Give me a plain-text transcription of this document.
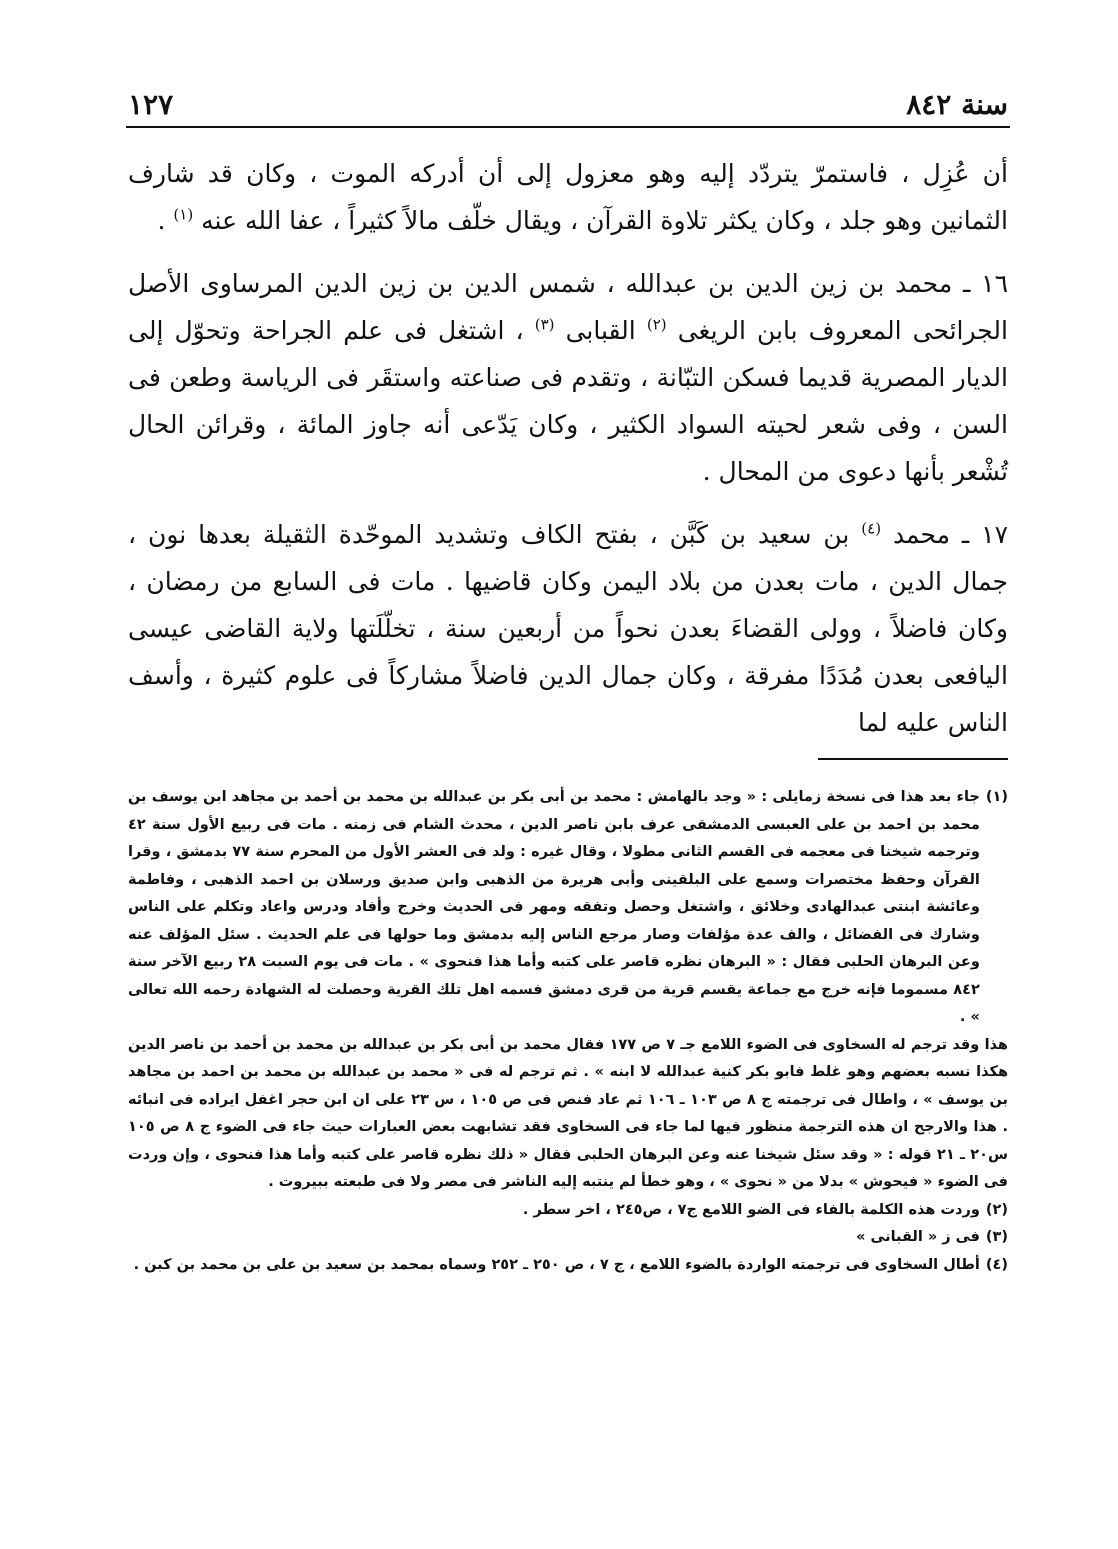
١٢٧	سنة ٨٤٢

أن عُزِل ، فاستمرّ يتردّد إليه وهو معزول إلى أن أدركه الموت ، وكان قد شارف الثمانين وهو جلد ، وكان يكثر تلاوة القرآن ، ويقال خلّف مالاً كثيراً ، عفا الله عنه $^{(١)}$ .

١٦ ـ محمد بن زين الدين بن عبدالله ، شمس الدين بن زين الدين المرساوى الأصل الجرائحى المعروف بابن الريغى $^{(٢)}$ القبابى $^{(٣)}$ ، اشتغل فى علم الجراحة وتحوّل إلى الديار المصرية قديما فسكن التبّانة ، وتقدم فى صناعته واستقَر فى الرياسة وطعن فى السن ، وفى شعر لحيته السواد الكثير ، وكان يَدّعى أنه جاوز المائة ، وقرائن الحال تُشْعر بأنها دعوى من المحال .

١٧ ـ محمد $^{(٤)}$ بن سعيد بن كَبَّن ، بفتح الكاف وتشديد الموحّدة الثقيلة بعدها نون ، جمال الدين ، مات بعدن من بلاد اليمن وكان قاضيها . مات فى السابع من رمضان ، وكان فاضلاً ، وولى القضاءَ بعدن نحواً من أربعين سنة ، تخلّلَتها ولاية القاضى عيسى اليافعى بعدن مُدَدًا مفرقة ، وكان جمال الدين فاضلاً مشاركاً فى علوم كثيرة ، وأسف الناس عليه لما

(١)
جاء بعد هذا فى نسخة زمايلى : « وجد بالهامش : محمد بن أبى بكر بن عبدالله بن محمد بن أحمد بن مجاهد ابن يوسف بن محمد بن احمد بن على العبسى الدمشقى عرف بابن ناصر الدين ، محدث الشام فى زمنه . مات فى ربيع الأول سنة ٤٢ وترجمه شيخنا فى معجمه فى القسم الثانى مطولا ، وقال غيره : ولد فى العشر الأول من المحرم سنة ٧٧ بدمشق ، وقرا القرآن وحفظ مختصرات وسمع على البلقينى وأبى هريرة من الذهبى وابن صديق ورسلان بن احمد الذهبى ، وفاطمة وعائشة ابنتى عبدالهادى وخلائق ، واشتغل وحصل وتفقه ومهر فى الحديث وخرج وأفاد ودرس واعاد وتكلم على الناس وشارك فى الفضائل ، والف عدة مؤلفات وصار مرجع الناس إليه بدمشق وما حولها فى علم الحديث . سئل المؤلف عنه وعن البرهان الحلبى فقال : « البرهان نظره قاصر على كتبه وأما هذا فنحوى » . مات فى يوم السبت ٢٨ ربيع الآخر سنة ٨٤٢ مسموما فإنه خرج مع جماعة يقسم قرية من قرى دمشق فسمه اهل تلك القرية وحصلت له الشهادة رحمه الله تعالى » .
هذا وقد ترجم له السخاوى فى الضوء اللامع جـ ٧ ص ١٧٧ فقال محمد بن أبى بكر بن عبدالله بن محمد بن أحمد بن ناصر الدين هكذا نسبه بعضهم وهو غلط فابو بكر كنية عبدالله لا ابنه » . ثم ترجم له فى « محمد بن عبدالله بن محمد بن احمد بن مجاهد بن يوسف » ، واطال فى ترجمته ج ٨ ص ١٠٣ ـ ١٠٦ ثم عاد فنص فى ص ١٠٥ ، س ٢٣ على ان ابن حجر اغفل ايراده فى انبائه . هذا والارجح ان هذه الترجمة منظور فيها لما جاء فى السخاوى فقد تشابهت بعض العبارات حيث جاء فى الضوء ج ٨ ص ١٠٥ س٢٠ ـ ٢١ قوله : « وقد سئل شيخنا عنه وعن البرهان الحلبى فقال « ذلك نظره قاصر على كتبه وأما هذا فنحوى ، وإن وردت فى الضوء « فيحوش » بدلا من « نحوى » ، وهو خطأ لم ينتبه إليه الناشر فى مصر ولا فى طبعته ببيروت .
(٢)
وردت هذه الكلمة بالفاء فى الضو اللامع ج٧ ، ص٢٤٥ ، اخر سطر .
(٣)
فى ز « القبانى »
(٤)
أطال السخاوى فى ترجمته الواردة بالضوء اللامع ، ج ٧ ، ص ٢٥٠ ـ ٢٥٢ وسماه بمحمد بن سعيد بن على بن محمد بن كبن .
